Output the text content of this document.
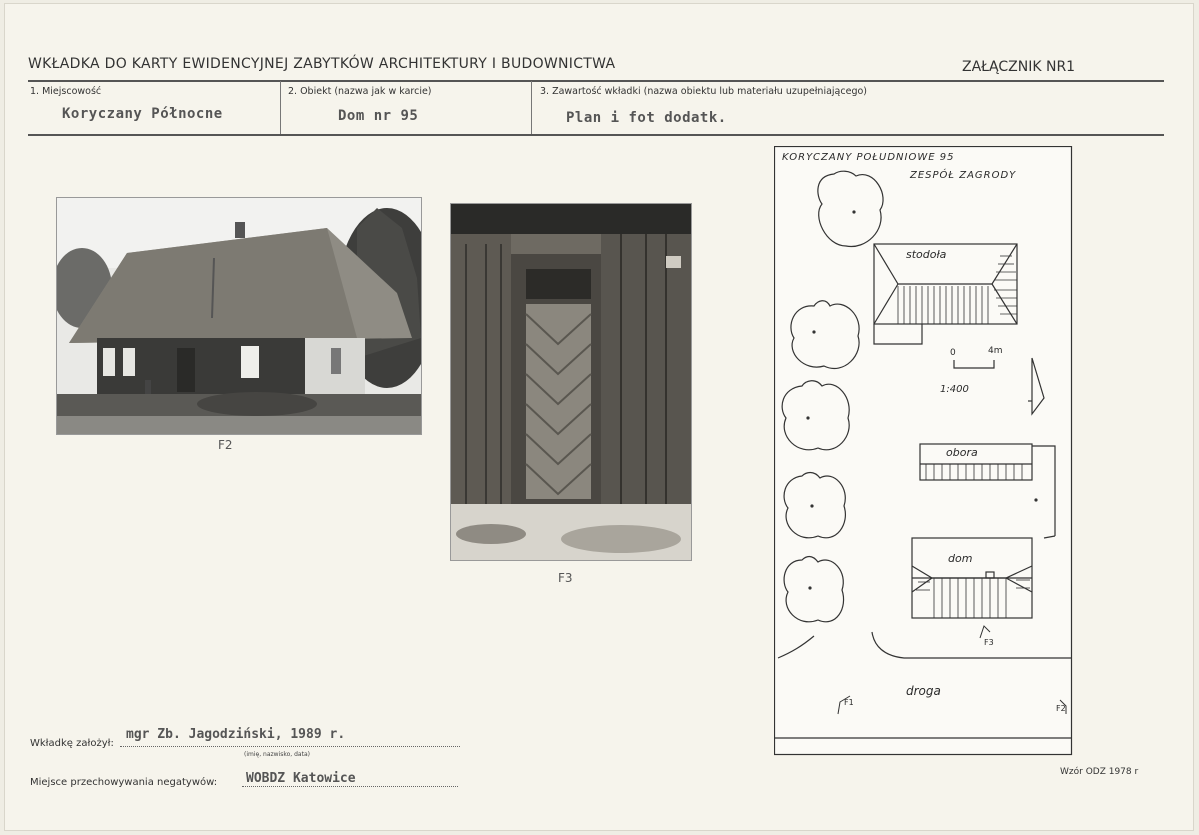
WKŁADKA DO KARTY EWIDENCYJNEJ ZABYTKÓW ARCHITEKTURY I BUDOWNICTWA	ZAŁĄCZNIK NR1
1. Miejscowość
Koryczany Północne
2. Obiekt (nazwa jak w karcie)
Dom nr 95
3. Zawartość wkładki (nazwa obiektu lub materiału uzupełniającego)
Plan i fot dodatk.
F2
F3
KORYCZANY POŁUDNIOWE 95
ZESPÓŁ ZAGRODY
stodoła
obora
dom
droga
0	4m
1:400
F1
F3
F2
Wkładkę założył:
mgr Zb. Jagodziński, 1989 r.
(imię, nazwisko, data)
Miejsce przechowywania negatywów: WOBDZ Katowice	Wzór ODZ 1978 r
